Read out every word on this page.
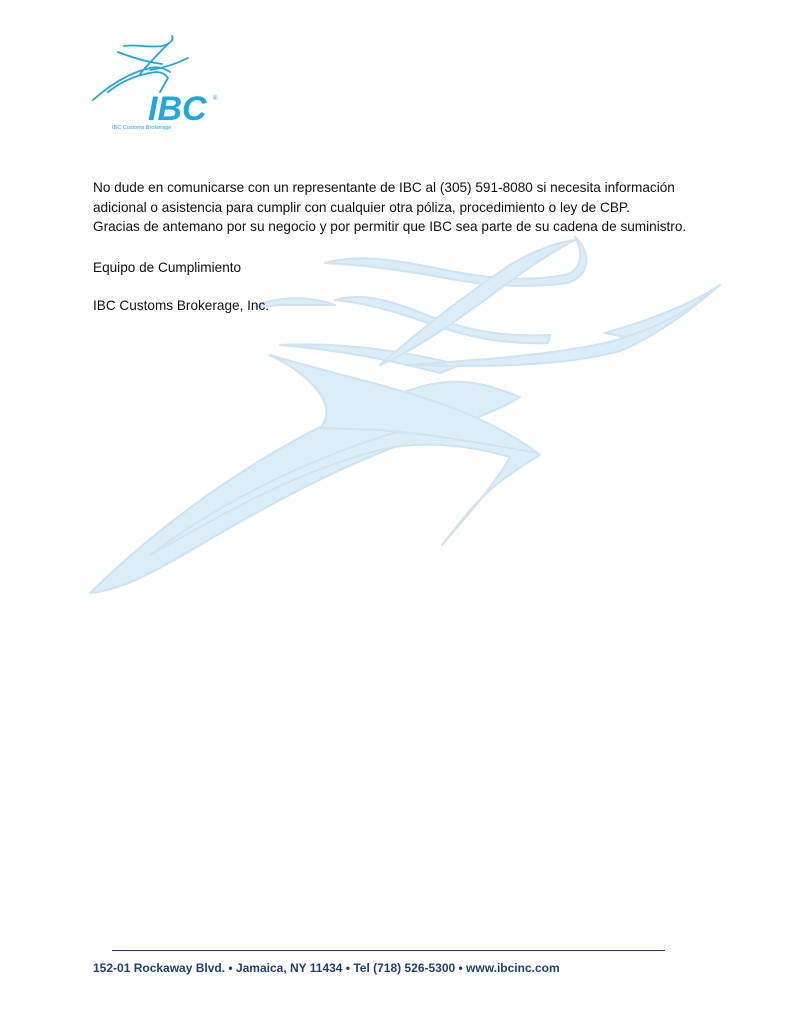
IBC ®
IBC Customs Brokerage

No dude en comunicarse con un representante de IBC al (305) 591-8080 si necesita información

adicional o asistencia para cumplir con cualquier otra póliza, procedimiento o ley de CBP.

Gracias de antemano por su negocio y por permitir que IBC sea parte de su cadena de suministro.

Equipo de Cumplimiento
IBC Customs Brokerage, Inc.
152-01 Rockaway Blvd. • Jamaica, NY 11434 • Tel (718) 526-5300 • www.ibcinc.com
